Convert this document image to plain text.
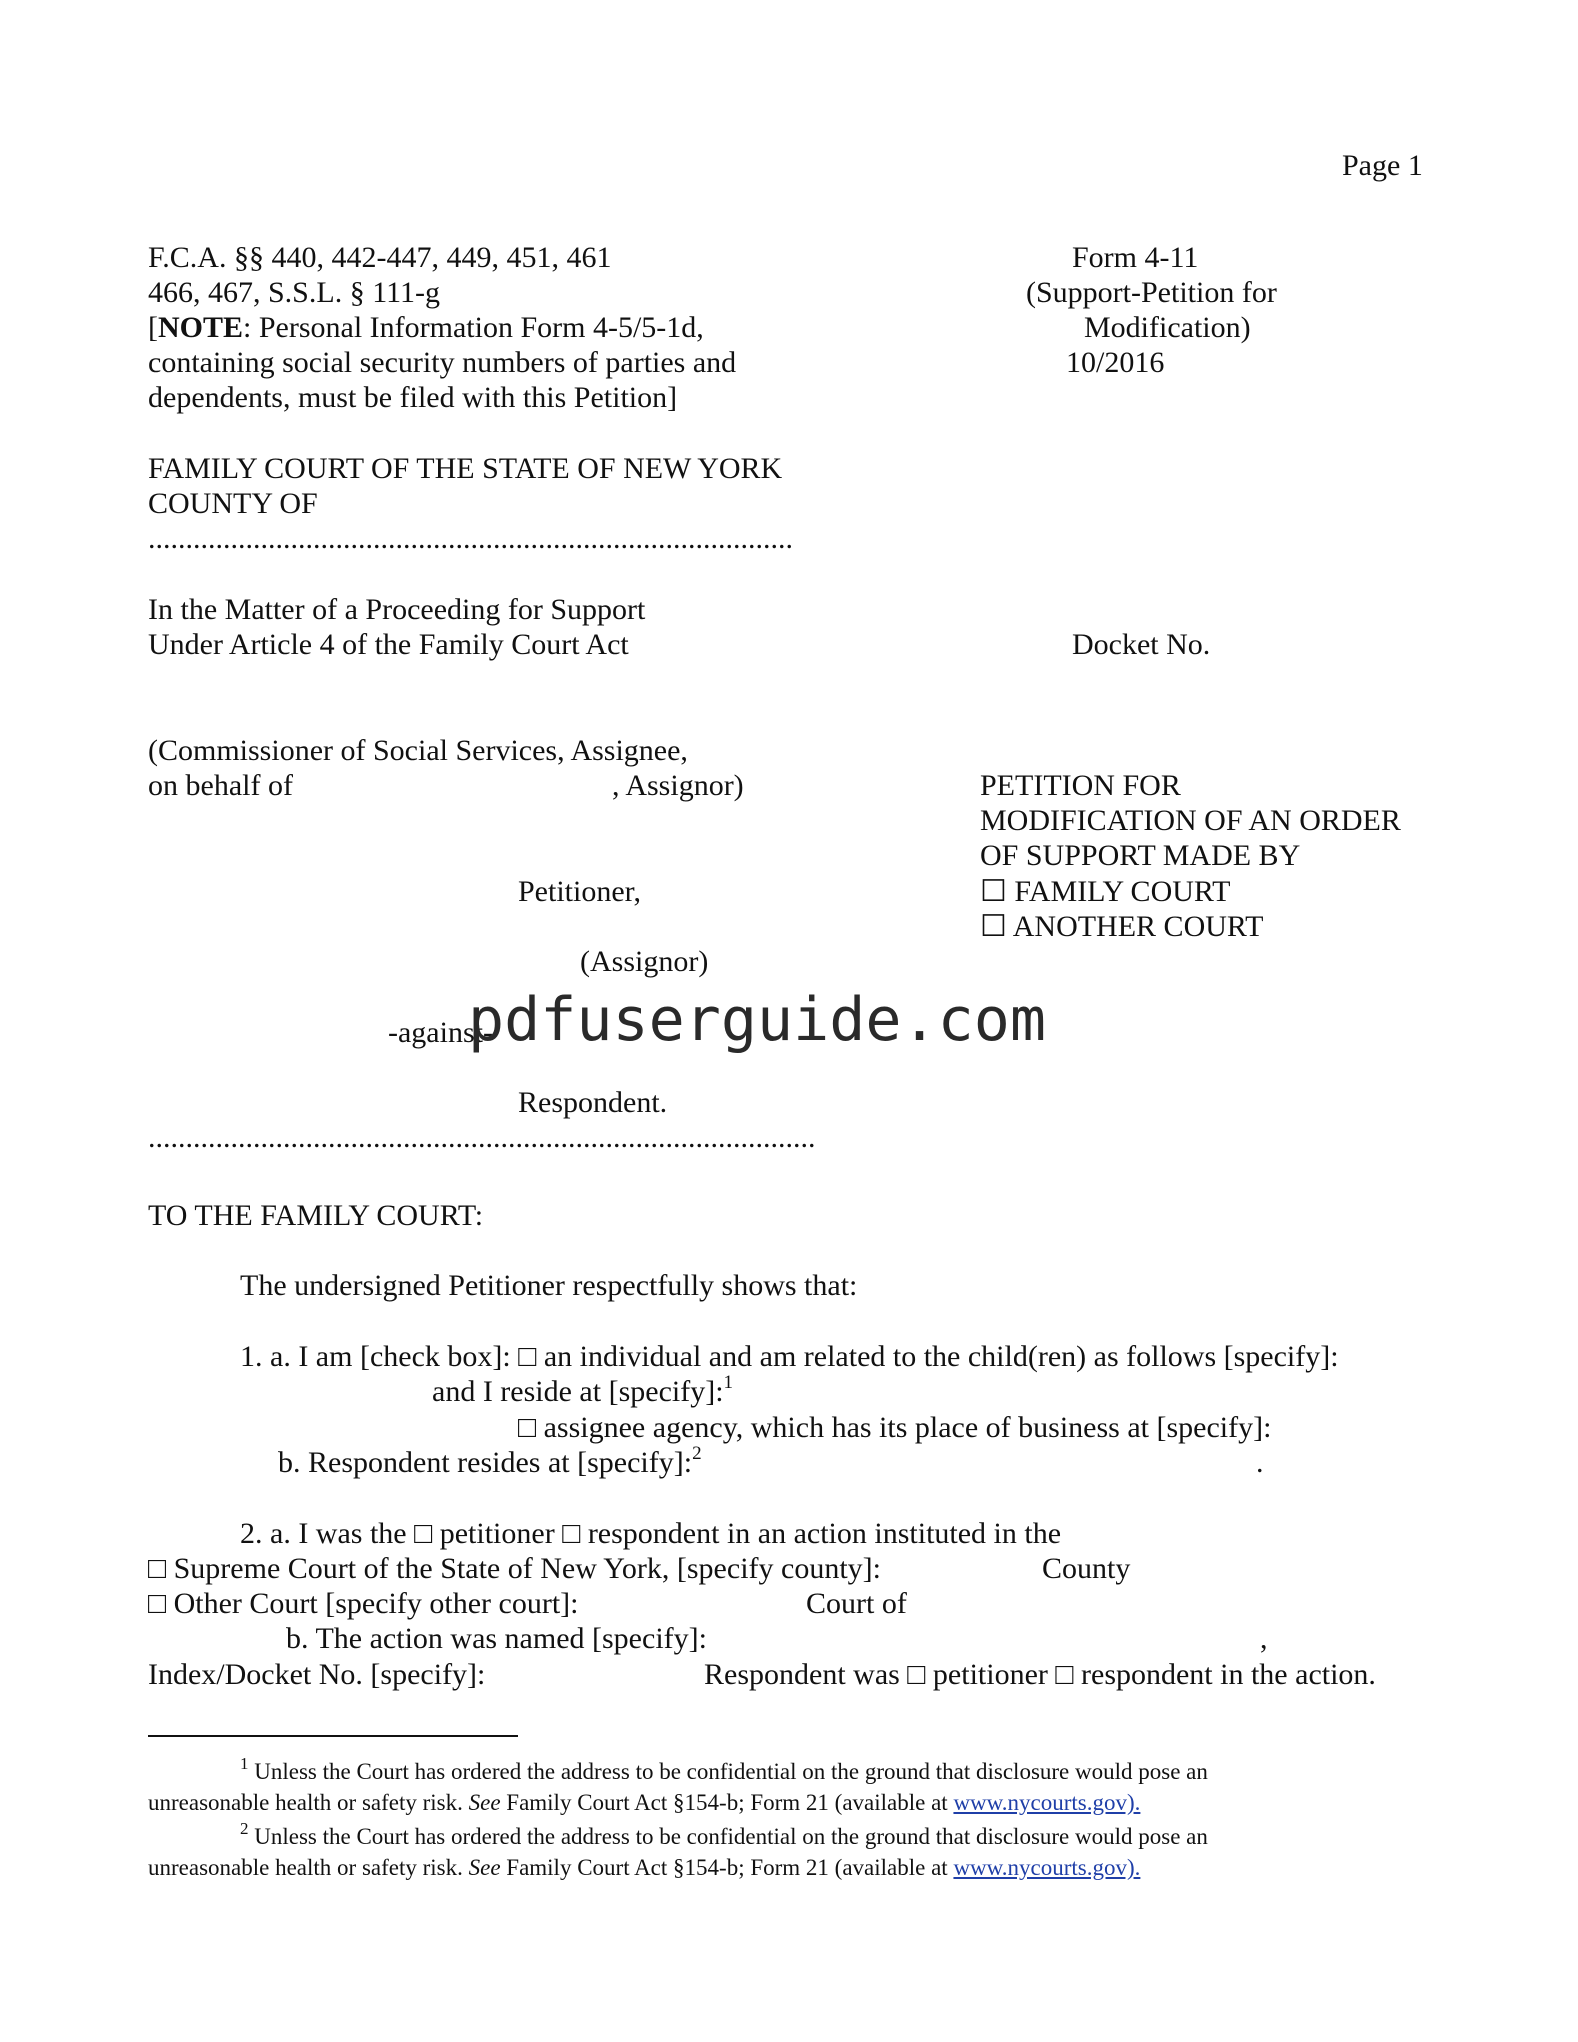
Page 1
F.C.A. §§ 440, 442-447, 449, 451, 461
466, 467, S.S.L. § 111-g
[NOTE: Personal Information Form 4-5/5-1d,
containing social security numbers of parties and
dependents, must be filed with this Petition]
Form 4-11
(Support-Petition for
Modification)
10/2016
FAMILY COURT OF THE STATE OF NEW YORK
COUNTY OF
......................................................................................
In the Matter of a Proceeding for Support
Under Article 4 of the Family Court Act	Docket No.
(Commissioner of Social Services, Assignee,
on behalf of	, Assignor)
Petitioner,
(Assignor)
-against-
Respondent.
.........................................................................................
PETITION FOR
MODIFICATION OF AN ORDER
OF SUPPORT MADE BY
☐ FAMILY COURT
☐ ANOTHER COURT
pdfuserguide.com
TO THE FAMILY COURT:
The undersigned Petitioner respectfully shows that:
1. a. I am [check box]: □ an individual and am related to the child(ren) as follows [specify]:
and I reside at [specify]:$^1$
□ assignee agency, which has its place of business at [specify]:
b. Respondent resides at [specify]:$^2$	.
2. a. I was the □ petitioner □ respondent in an action instituted in the
□ Supreme Court of the State of New York, [specify county]:	County
□ Other Court [specify other court]:	Court of
b. The action was named [specify]:	,
Index/Docket No. [specify]:	Respondent was □ petitioner □ respondent in the action.
$^1$ Unless the Court has ordered the address to be confidential on the ground that disclosure would pose an
unreasonable health or safety risk. See Family Court Act §154-b; Form 21 (available at www.nycourts.gov).
$^2$ Unless the Court has ordered the address to be confidential on the ground that disclosure would pose an
unreasonable health or safety risk. See Family Court Act §154-b; Form 21 (available at www.nycourts.gov).
